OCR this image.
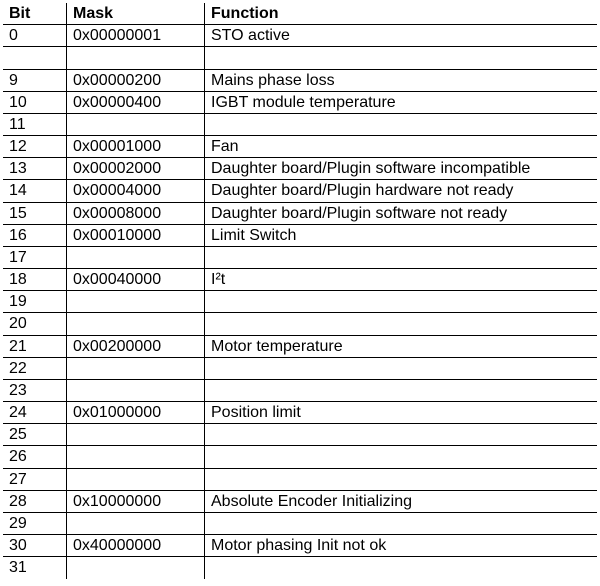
Bit	Mask	Function
0	0x00000001	STO active
9	0x00000200	Mains phase loss
10	0x00000400	IGBT module temperature
11
12	0x00001000	Fan
13	0x00002000	Daughter board/Plugin software incompatible
14	0x00004000	Daughter board/Plugin hardware not ready
15	0x00008000	Daughter board/Plugin software not ready
16	0x00010000	Limit Switch
17
18	0x00040000	I²t
19
20
21	0x00200000	Motor temperature
22
23
24	0x01000000	Position limit
25
26
27
28	0x10000000	Absolute Encoder Initializing
29
30	0x40000000	Motor phasing Init not ok
31
